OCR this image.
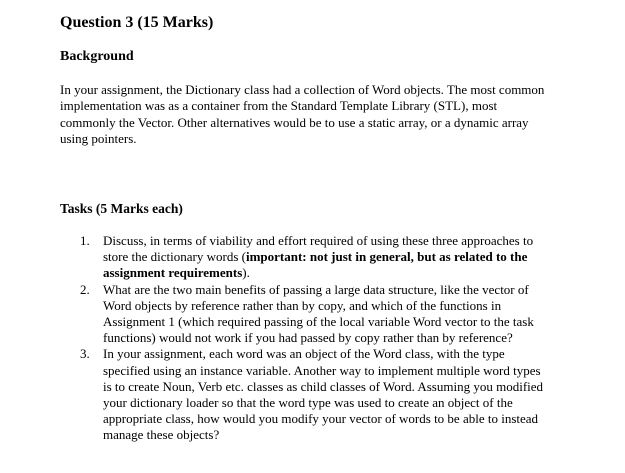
Question 3 (15 Marks)
Background
In your assignment, the Dictionary class had a collection of Word objects. The most common
implementation was as a container from the Standard Template Library (STL), most
commonly the Vector. Other alternatives would be to use a static array, or a dynamic array
using pointers.
Tasks (5 Marks each)
1. Discuss, in terms of viability and effort required of using these three approaches to
store the dictionary words (important: not just in general, but as related to the
assignment requirements).
2. What are the two main benefits of passing a large data structure, like the vector of
Word objects by reference rather than by copy, and which of the functions in
Assignment 1 (which required passing of the local variable Word vector to the task
functions) would not work if you had passed by copy rather than by reference?
3. In your assignment, each word was an object of the Word class, with the type
specified using an instance variable. Another way to implement multiple word types
is to create Noun, Verb etc. classes as child classes of Word. Assuming you modified
your dictionary loader so that the word type was used to create an object of the
appropriate class, how would you modify your vector of words to be able to instead
manage these objects?
